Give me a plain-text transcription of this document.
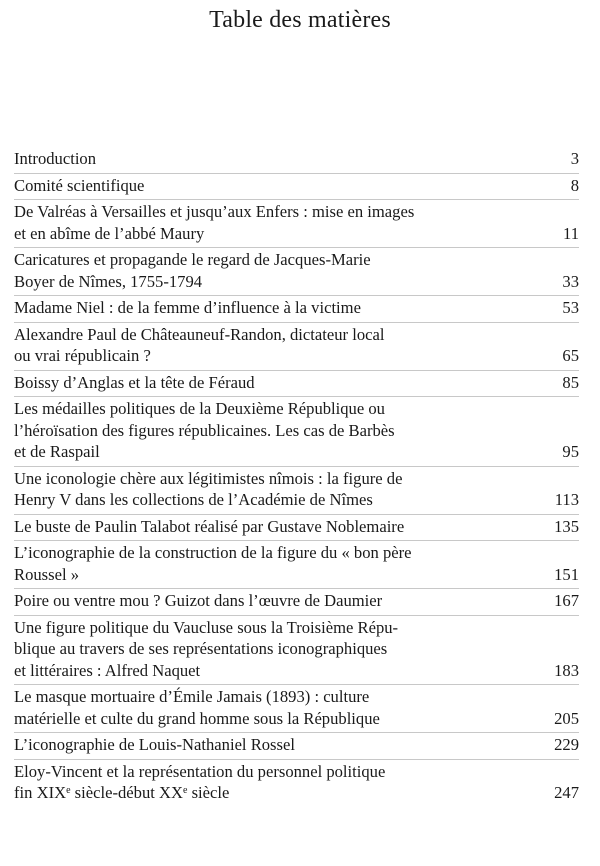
Table des matières
Introduction	3
Comité scientifique	8
De Valréas à Versailles et jusqu’aux Enfers : mise en images
et en abîme de l’abbé Maury	11
Caricatures et propagande le regard de Jacques-Marie
Boyer de Nîmes, 1755-1794	33
Madame Niel : de la femme d’influence à la victime	53
Alexandre Paul de Châteauneuf-Randon, dictateur local
ou vrai républicain ?	65
Boissy d’Anglas et la tête de Féraud	85
Les médailles politiques de la Deuxième République ou
l’héroïsation des figures républicaines. Les cas de Barbès
et de Raspail	95
Une iconologie chère aux légitimistes nîmois : la figure de
Henry V dans les collections de l’Académie de Nîmes	113
Le buste de Paulin Talabot réalisé par Gustave Noblemaire	135
L’iconographie de la construction de la figure du « bon père
Roussel »	151
Poire ou ventre mou ? Guizot dans l’œuvre de Daumier	167
Une figure politique du Vaucluse sous la Troisième Répu-
blique au travers de ses représentations iconographiques
et littéraires : Alfred Naquet	183
Le masque mortuaire d’Émile Jamais (1893) : culture
matérielle et culte du grand homme sous la République	205
L’iconographie de Louis-Nathaniel Rossel	229
Eloy-Vincent et la représentation du personnel politique
fin XIXe siècle-début XXe siècle	247
